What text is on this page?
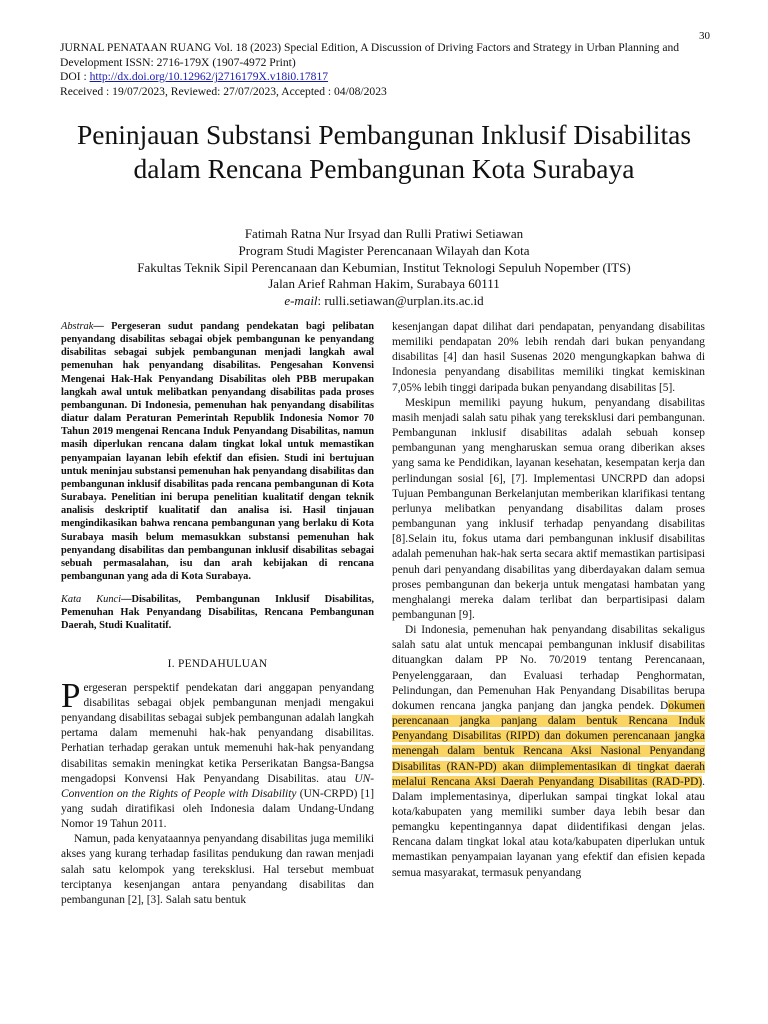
30
JURNAL PENATAAN RUANG Vol. 18 (2023) Special Edition, A Discussion of Driving Factors and Strategy in Urban Planning and Development ISSN: 2716-179X (1907-4972 Print)
DOI : http://dx.doi.org/10.12962/j2716179X.v18i0.17817
Received : 19/07/2023, Reviewed: 27/07/2023, Accepted : 04/08/2023
Peninjauan Substansi Pembangunan Inklusif Disabilitas dalam Rencana Pembangunan Kota Surabaya
Fatimah Ratna Nur Irsyad dan Rulli Pratiwi Setiawan
Program Studi Magister Perencanaan Wilayah dan Kota
Fakultas Teknik Sipil Perencanaan dan Kebumian, Institut Teknologi Sepuluh Nopember (ITS)
Jalan Arief Rahman Hakim, Surabaya 60111
e-mail: rulli.setiawan@urplan.its.ac.id

Abstrak— Pergeseran sudut pandang pendekatan bagi pelibatan penyandang disabilitas sebagai objek pembangunan ke penyandang disabilitas sebagai subjek pembangunan menjadi langkah awal pemenuhan hak penyandang disabilitas. Pengesahan Konvensi Mengenai Hak-Hak Penyandang Disabilitas oleh PBB merupakan langkah awal untuk melibatkan penyandang disabilitas pada proses pembangunan. Di Indonesia, pemenuhan hak penyandang disabilitas diatur dalam Peraturan Pemerintah Republik Indonesia Nomor 70 Tahun 2019 mengenai Rencana Induk Penyandang Disabilitas, namun masih diperlukan rencana dalam tingkat lokal untuk memastikan penyampaian layanan lebih efektif dan efisien. Studi ini bertujuan untuk meninjau substansi pemenuhan hak penyandang disabilitas dan pembangunan inklusif disabilitas pada rencana pembangunan di Kota Surabaya. Penelitian ini berupa penelitian kualitatif dengan teknik analisis deskriptif kualitatif dan analisa isi. Hasil tinjauan mengindikasikan bahwa rencana pembangunan yang berlaku di Kota Surabaya masih belum memasukkan substansi pemenuhan hak penyandang disabilitas dan pembangunan inklusif disabilitas sebagai sebuah permasalahan, isu dan arah kebijakan di rencana pembangunan yang ada di Kota Surabaya.

Kata Kunci—Disabilitas, Pembangunan Inklusif Disabilitas, Pemenuhan Hak Penyandang Disabilitas, Rencana Pembangunan Daerah, Studi Kualitatif.

I. PENDAHULUAN

Pergeseran perspektif pendekatan dari anggapan penyandang disabilitas sebagai objek pembangunan menjadi mengakui penyandang disabilitas sebagai subjek pembangunan adalah langkah pertama dalam memenuhi hak-hak penyandang disabilitas. Perhatian terhadap gerakan untuk memenuhi hak-hak penyandang disabilitas semakin meningkat ketika Perserikatan Bangsa-Bangsa mengadopsi Konvensi Hak Penyandang Disabilitas. atau UN-Convention on the Rights of People with Disability (UN-CRPD) [1] yang sudah diratifikasi oleh Indonesia dalam Undang-Undang Nomor 19 Tahun 2011.

Namun, pada kenyataannya penyandang disabilitas juga memiliki akses yang kurang terhadap fasilitas pendukung dan rawan menjadi salah satu kelompok yang tereksklusi. Hal tersebut membuat terciptanya kesenjangan antara penyandang disabilitas dan pembangunan [2], [3]. Salah satu bentuk

kesenjangan dapat dilihat dari pendapatan, penyandang disabilitas memiliki pendapatan 20% lebih rendah dari bukan penyandang disabilitas [4] dan hasil Susenas 2020 mengungkapkan bahwa di Indonesia penyandang disabilitas memiliki tingkat kemiskinan 7,05% lebih tinggi daripada bukan penyandang disabilitas [5].

Meskipun memiliki payung hukum, penyandang disabilitas masih menjadi salah satu pihak yang tereksklusi dari pembangunan. Pembangunan inklusif disabilitas adalah sebuah konsep pembangunan yang mengharuskan semua orang diberikan akses yang sama ke Pendidikan, layanan kesehatan, kesempatan kerja dan perlindungan sosial [6], [7]. Implementasi UNCRPD dan adopsi Tujuan Pembangunan Berkelanjutan memberikan klarifikasi tentang perlunya melibatkan penyandang disabilitas dalam proses pembangunan yang inklusif terhadap penyandang disabilitas [8].Selain itu, fokus utama dari pembangunan inklusif disabilitas adalah pemenuhan hak-hak serta secara aktif memastikan partisipasi penuh dari penyandang disabilitas yang diberdayakan dalam semua proses pembangunan dan bekerja untuk mengatasi hambatan yang menghalangi mereka dalam terlibat dan berpartisipasi dalam pembangunan [9].

Di Indonesia, pemenuhan hak penyandang disabilitas sekaligus salah satu alat untuk mencapai pembangunan inklusif disabilitas dituangkan dalam PP No. 70/2019 tentang Perencanaan, Penyelenggaraan, dan Evaluasi terhadap Penghormatan, Pelindungan, dan Pemenuhan Hak Penyandang Disabilitas berupa dokumen rencana jangka panjang dan jangka pendek. Dokumen perencanaan jangka panjang dalam bentuk Rencana Induk Penyandang Disabilitas (RIPD) dan dokumen perencanaan jangka menengah dalam bentuk Rencana Aksi Nasional Penyandang Disabilitas (RAN-PD) akan diimplementasikan di tingkat daerah melalui Rencana Aksi Daerah Penyandang Disabilitas (RAD-PD). Dalam implementasinya, diperlukan sampai tingkat lokal atau kota/kabupaten yang memiliki sumber daya lebih besar dan pemangku kepentingannya dapat diidentifikasi dengan jelas. Rencana dalam tingkat lokal atau kota/kabupaten diperlukan untuk memastikan penyampaian layanan yang efektif dan efisien kepada semua masyarakat, termasuk penyandang
